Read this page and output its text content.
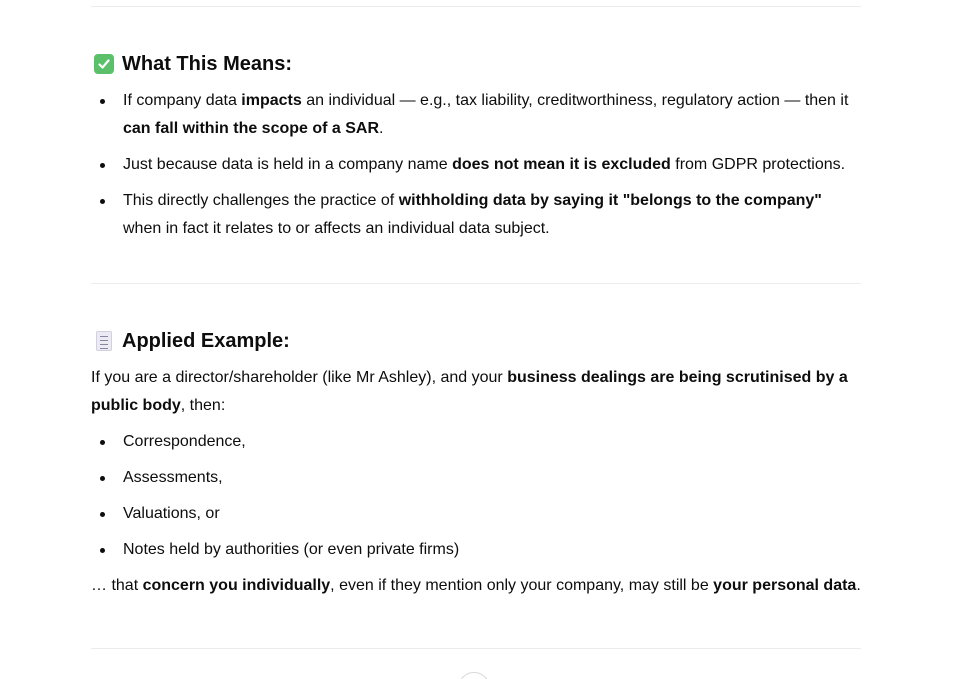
What This Means:
If company data impacts an individual — e.g., tax liability, creditworthiness, regulatory action — then it can fall within the scope of a SAR.
Just because data is held in a company name does not mean it is excluded from GDPR protections.
This directly challenges the practice of withholding data by saying it "belongs to the company" when in fact it relates to or affects an individual data subject.
Applied Example:

If you are a director/shareholder (like Mr Ashley), and your business dealings are being scrutinised by a public body, then:

Correspondence,
Assessments,
Valuations, or
Notes held by authorities (or even private firms)

… that concern you individually, even if they mention only your company, may still be your personal data.
